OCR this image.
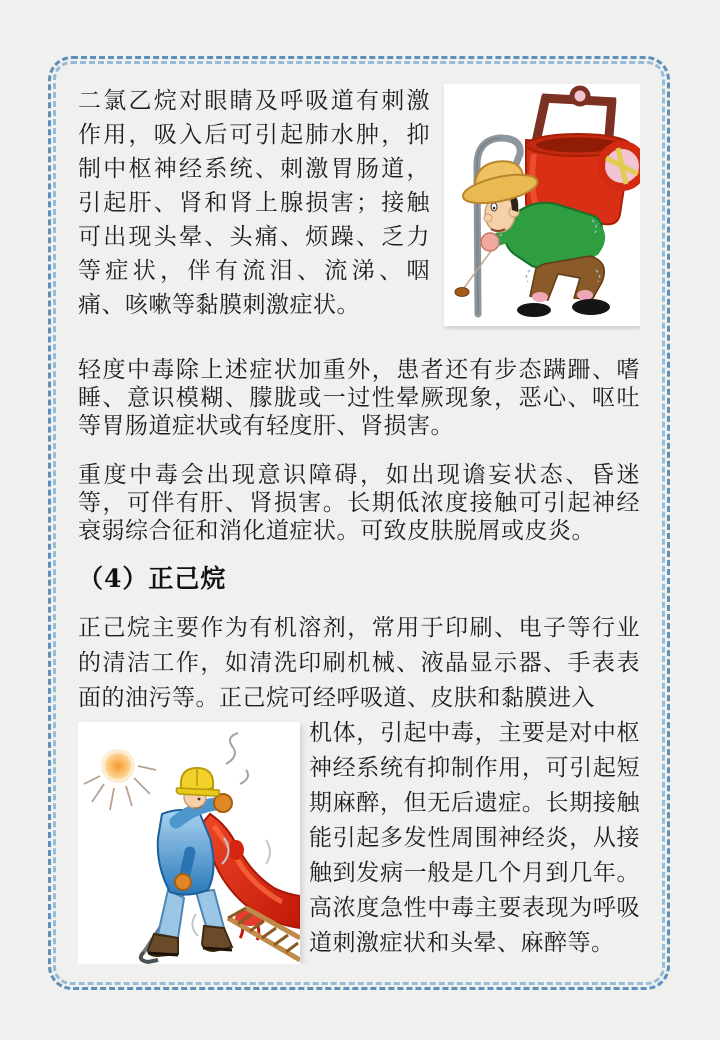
二氯乙烷对眼睛及呼吸道有刺激作用，吸入后可引起肺水肿，抑制中枢神经系统、刺激胃肠道，引起肝、肾和肾上腺损害；接触可出现头晕、头痛、烦躁、乏力等症状，伴有流泪、流涕、咽痛、咳嗽等黏膜刺激症状。

轻度中毒除上述症状加重外，患者还有步态蹒跚、嗜睡、意识模糊、朦胧或一过性晕厥现象，恶心、呕吐等胃肠道症状或有轻度肝、肾损害。

重度中毒会出现意识障碍，如出现谵妄状态、昏迷等，可伴有肝、肾损害。长期低浓度接触可引起神经衰弱综合征和消化道症状。可致皮肤脱屑或皮炎。

（4）正己烷

正己烷主要作为有机溶剂，常用于印刷、电子等行业的清洁工作，如清洗印刷机械、液晶显示器、手表表面的油污等。正己烷可经呼吸道、皮肤和黏膜进入

机体，引起中毒，主要是对中枢神经系统有抑制作用，可引起短期麻醉，但无后遗症。长期接触能引起多发性周围神经炎，从接触到发病一般是几个月到几年。高浓度急性中毒主要表现为呼吸道刺激症状和头晕、麻醉等。
